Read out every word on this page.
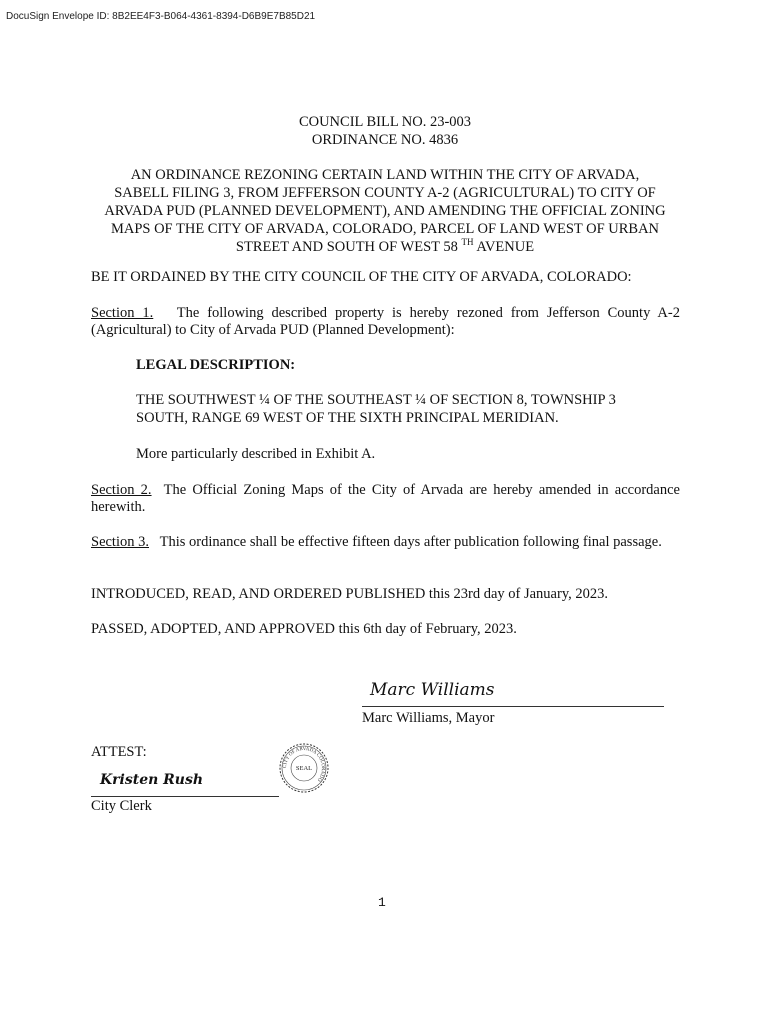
DocuSign Envelope ID: 8B2EE4F3-B064-4361-8394-D6B9E7B85D21
COUNCIL BILL NO. 23-003
ORDINANCE NO. 4836
AN ORDINANCE REZONING CERTAIN LAND WITHIN THE CITY OF ARVADA,
SABELL FILING 3, FROM JEFFERSON COUNTY A-2 (AGRICULTURAL) TO CITY OF
ARVADA PUD (PLANNED DEVELOPMENT), AND AMENDING THE OFFICIAL ZONING
MAPS OF THE CITY OF ARVADA, COLORADO, PARCEL OF LAND WEST OF URBAN
STREET AND SOUTH OF WEST 58 $^{TH}$ AVENUE
BE IT ORDAINED BY THE CITY COUNCIL OF THE CITY OF ARVADA, COLORADO:
Section 1. The following described property is hereby rezoned from Jefferson County A-2 (Agricultural) to City of Arvada PUD (Planned Development):
LEGAL DESCRIPTION:
THE SOUTHWEST ¼ OF THE SOUTHEAST ¼ OF SECTION 8, TOWNSHIP 3
SOUTH, RANGE 69 WEST OF THE SIXTH PRINCIPAL MERIDIAN.
More particularly described in Exhibit A.
Section 2. The Official Zoning Maps of the City of Arvada are hereby amended in accordance herewith.
Section 3. This ordinance shall be effective fifteen days after publication following final passage.
INTRODUCED, READ, AND ORDERED PUBLISHED this 23rd day of January, 2023.
PASSED, ADOPTED, AND APPROVED this 6th day of February, 2023.
Marc Williams
Marc Williams, Mayor
ATTEST:
Kristen Rush
City Clerk
CITY OF ARVADA COLORADO
SEAL
1
